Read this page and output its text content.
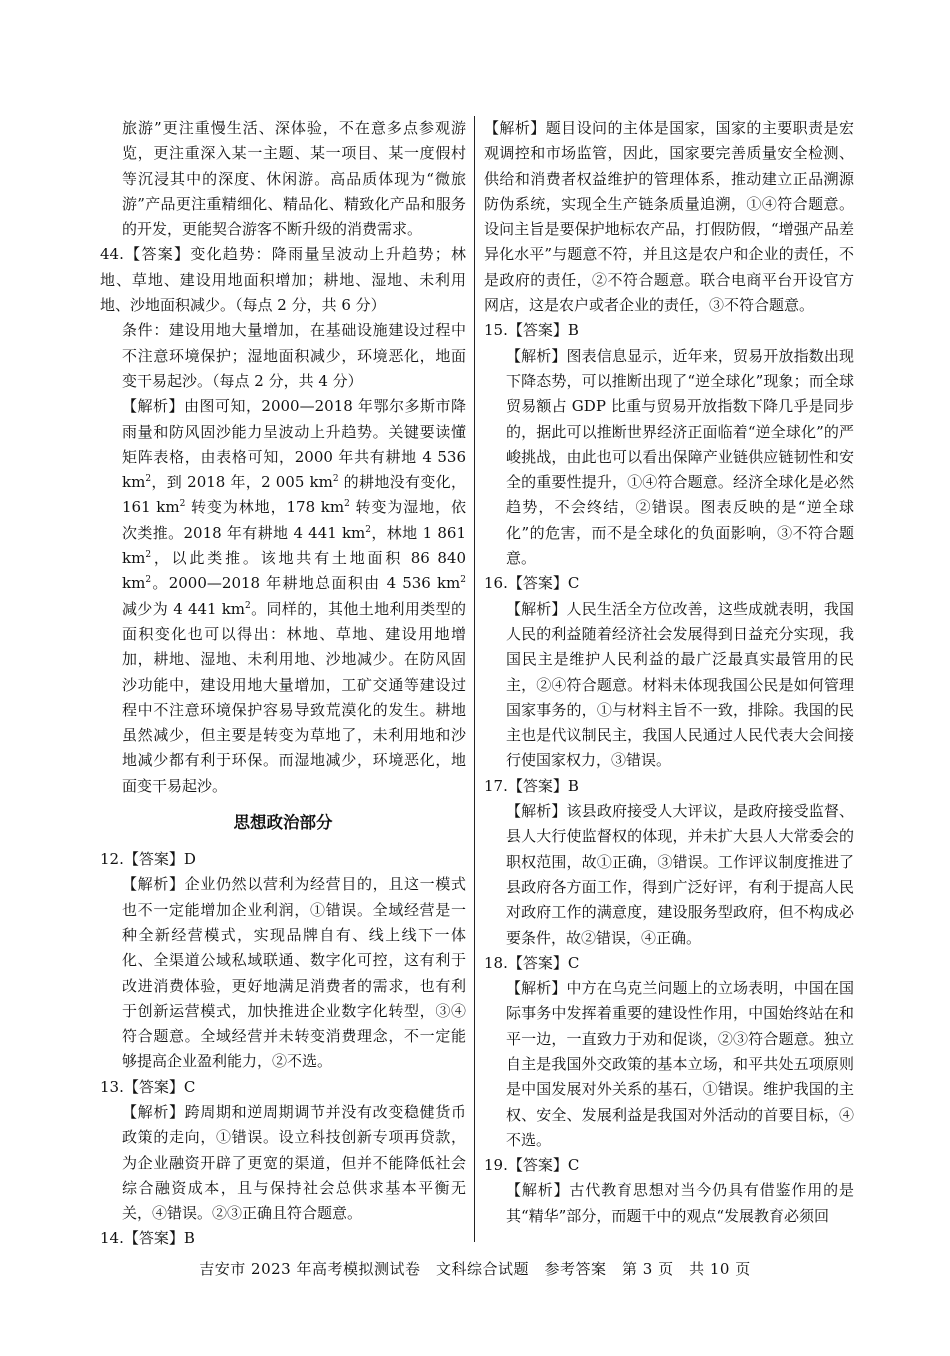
旅游”更注重慢生活、深体验，不在意多点参观游览，更注重深入某一主题、某一项目、某一度假村等沉浸其中的深度、休闲游。高品质体现为“微旅游”产品更注重精细化、精品化、精致化产品和服务的开发，更能契合游客不断升级的消费需求。

44.【答案】变化趋势：降雨量呈波动上升趋势；林地、草地、建设用地面积增加；耕地、湿地、未利用地、沙地面积减少。（每点 2 分，共 6 分）

条件：建设用地大量增加，在基础设施建设过程中不注意环境保护；湿地面积减少，环境恶化，地面变干易起沙。（每点 2 分，共 4 分）

【解析】由图可知，2000—2018 年鄂尔多斯市降雨量和防风固沙能力呈波动上升趋势。关键要读懂矩阵表格，由表格可知，2000 年共有耕地 4 536 $km^2$，到 2018 年，2 005 $km^2$ 的耕地没有变化，161 $km^2$ 转变为林地，178 $km^2$ 转变为湿地，依次类推。2018 年有耕地 4 441 $km^2$，林地 1 861 $km^2$，以此类推。该地共有土地面积 86 840 $km^2$。2000—2018 年耕地总面积由 4 536 $km^2$ 减少为 4 441 $km^2$。同样的，其他土地利用类型的面积变化也可以得出：林地、草地、建设用地增加，耕地、湿地、未利用地、沙地减少。在防风固沙功能中，建设用地大量增加，工矿交通等建设过程中不注意环境保护容易导致荒漠化的发生。耕地虽然减少，但主要是转变为草地了，未利用地和沙地减少都有利于环保。而湿地减少，环境恶化，地面变干易起沙。

思想政治部分

12.【答案】D

【解析】企业仍然以营利为经营目的，且这一模式也不一定能增加企业利润，①错误。全域经营是一种全新经营模式，实现品牌自有、线上线下一体化、全渠道公域私域联通、数字化可控，这有利于改进消费体验，更好地满足消费者的需求，也有利于创新运营模式，加快推进企业数字化转型，③④符合题意。全域经营并未转变消费理念，不一定能够提高企业盈利能力，②不选。

13.【答案】C

【解析】跨周期和逆周期调节并没有改变稳健货币政策的走向，①错误。设立科技创新专项再贷款，为企业融资开辟了更宽的渠道，但并不能降低社会综合融资成本，且与保持社会总供求基本平衡无关，④错误。②③正确且符合题意。

14.【答案】B

【解析】题目设问的主体是国家，国家的主要职责是宏观调控和市场监管，因此，国家要完善质量安全检测、供给和消费者权益维护的管理体系，推动建立正品溯源防伪系统，实现全生产链条质量追溯，①④符合题意。设问主旨是要保护地标农产品，打假防假，“增强产品差异化水平”与题意不符，并且这是农户和企业的责任，不是政府的责任，②不符合题意。联合电商平台开设官方网店，这是农户或者企业的责任，③不符合题意。

15.【答案】B

【解析】图表信息显示，近年来，贸易开放指数出现下降态势，可以推断出现了“逆全球化”现象；而全球贸易额占 GDP 比重与贸易开放指数下降几乎是同步的，据此可以推断世界经济正面临着“逆全球化”的严峻挑战，由此也可以看出保障产业链供应链韧性和安全的重要性提升，①④符合题意。经济全球化是必然趋势，不会终结，②错误。图表反映的是“逆全球化”的危害，而不是全球化的负面影响，③不符合题意。

16.【答案】C

【解析】人民生活全方位改善，这些成就表明，我国人民的利益随着经济社会发展得到日益充分实现，我国民主是维护人民利益的最广泛最真实最管用的民主，②④符合题意。材料未体现我国公民是如何管理国家事务的，①与材料主旨不一致，排除。我国的民主也是代议制民主，我国人民通过人民代表大会间接行使国家权力，③错误。

17.【答案】B

【解析】该县政府接受人大评议，是政府接受监督、县人大行使监督权的体现，并未扩大县人大常委会的职权范围，故①正确，③错误。工作评议制度推进了县政府各方面工作，得到广泛好评，有利于提高人民对政府工作的满意度，建设服务型政府，但不构成必要条件，故②错误，④正确。

18.【答案】C

【解析】中方在乌克兰问题上的立场表明，中国在国际事务中发挥着重要的建设性作用，中国始终站在和平一边，一直致力于劝和促谈，②③符合题意。独立自主是我国外交政策的基本立场，和平共处五项原则是中国发展对外关系的基石，①错误。维护我国的主权、安全、发展利益是我国对外活动的首要目标，④不选。

19.【答案】C

【解析】古代教育思想对当今仍具有借鉴作用的是其“精华”部分，而题干中的观点“发展教育必须回

吉安市 2023 年高考模拟测试卷　文科综合试题　参考答案　第 3 页　共 10 页
